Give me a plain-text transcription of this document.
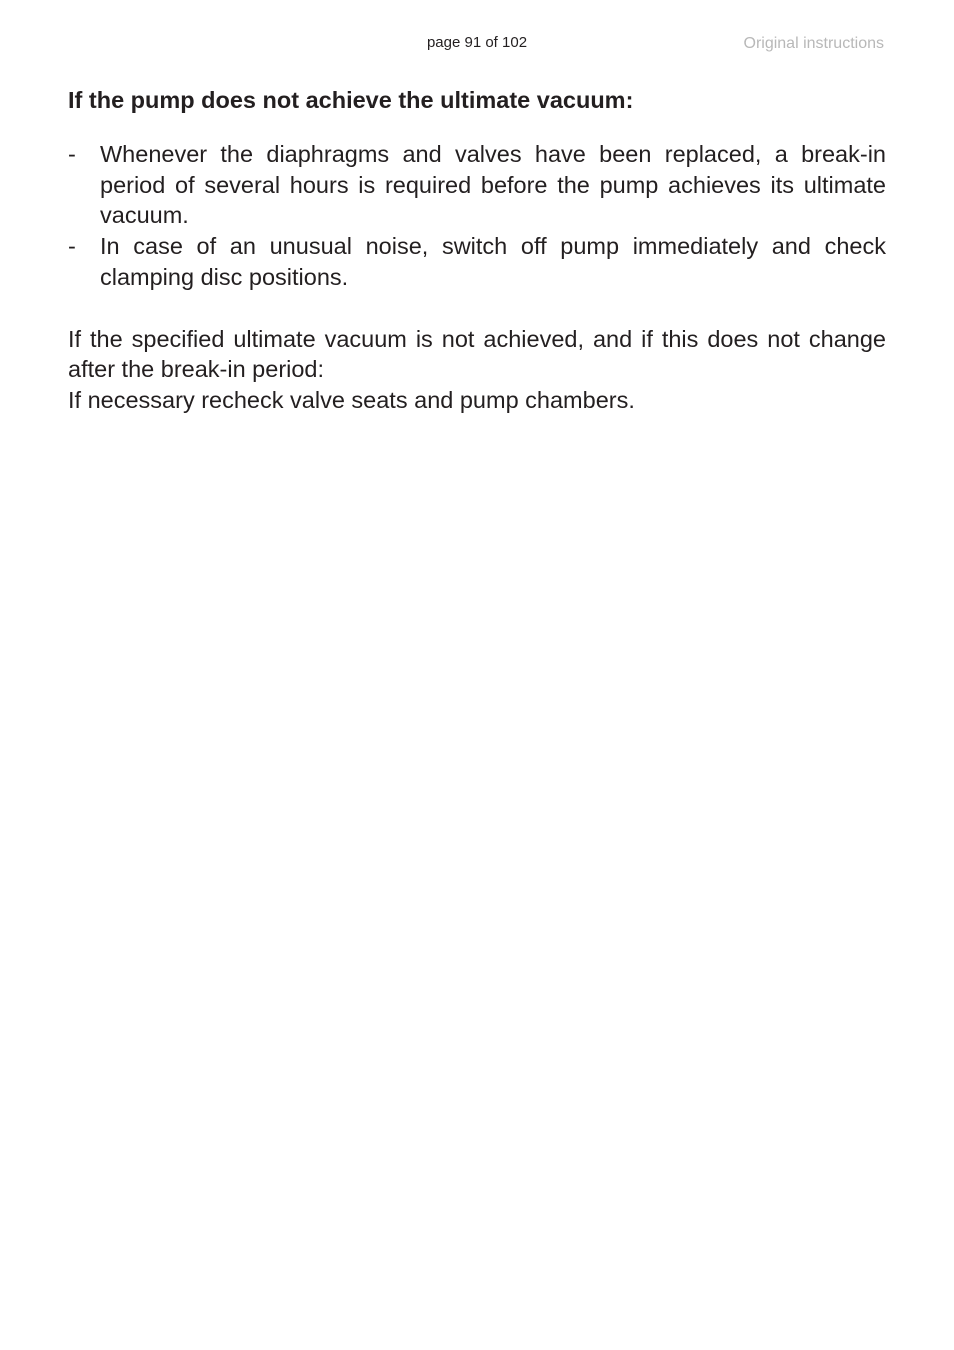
page 91 of 102	Original instructions

If the pump does not achieve the ultimate vacuum:
- Whenever the diaphragms and valves have been replaced, a break-in period of several hours is required before the pump achieves its ultimate vacuum.
- In case of an unusual noise, switch off pump immediately and check clamping disc positions.

If the specified ultimate vacuum is not achieved, and if this does not change after the break-in period:

If necessary recheck valve seats and pump chambers.
